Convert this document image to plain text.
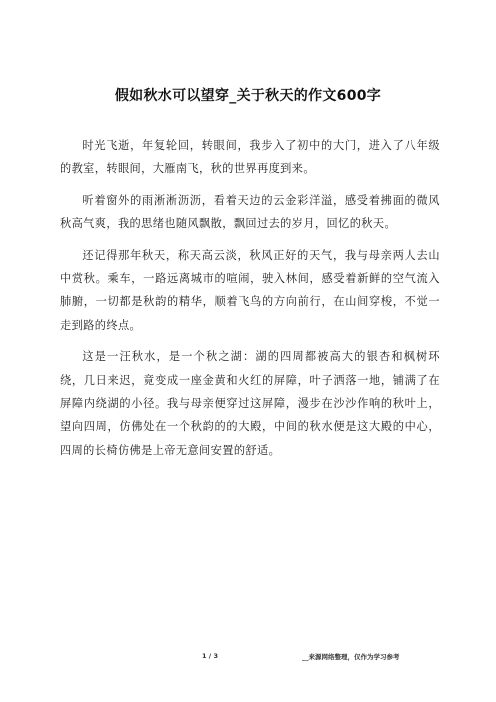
假如秋水可以望穿_关于秋天的作文600字

时光飞逝，年复轮回，转眼间，我步入了初中的大门，进入了八年级的教室，转眼间，大雁南飞，秋的世界再度到来。

听着窗外的雨淅淅沥沥，看着天边的云金彩洋溢，感受着拂面的微风秋高气爽，我的思绪也随风飘散，飘回过去的岁月，回忆的秋天。

还记得那年秋天，称天高云淡，秋风正好的天气，我与母亲两人去山中赏秋。乘车，一路远离城市的喧闹，驶入林间，感受着新鲜的空气流入肺腑，一切都是秋韵的精华，顺着飞鸟的方向前行，在山间穿梭，不觉一走到路的终点。

这是一汪秋水，是一个秋之湖：湖的四周都被高大的银杏和枫树环绕，几日来迟，竟变成一座金黄和火红的屏障，叶子洒落一地，铺满了在屏障内绕湖的小径。我与母亲便穿过这屏障，漫步在沙沙作响的秋叶上，望向四周，仿佛处在一个秋韵的的大殿，中间的秋水便是这大殿的中心，四周的长椅仿佛是上帝无意间安置的舒适。

1 / 3	__来源网络整理，仅作为学习参考
